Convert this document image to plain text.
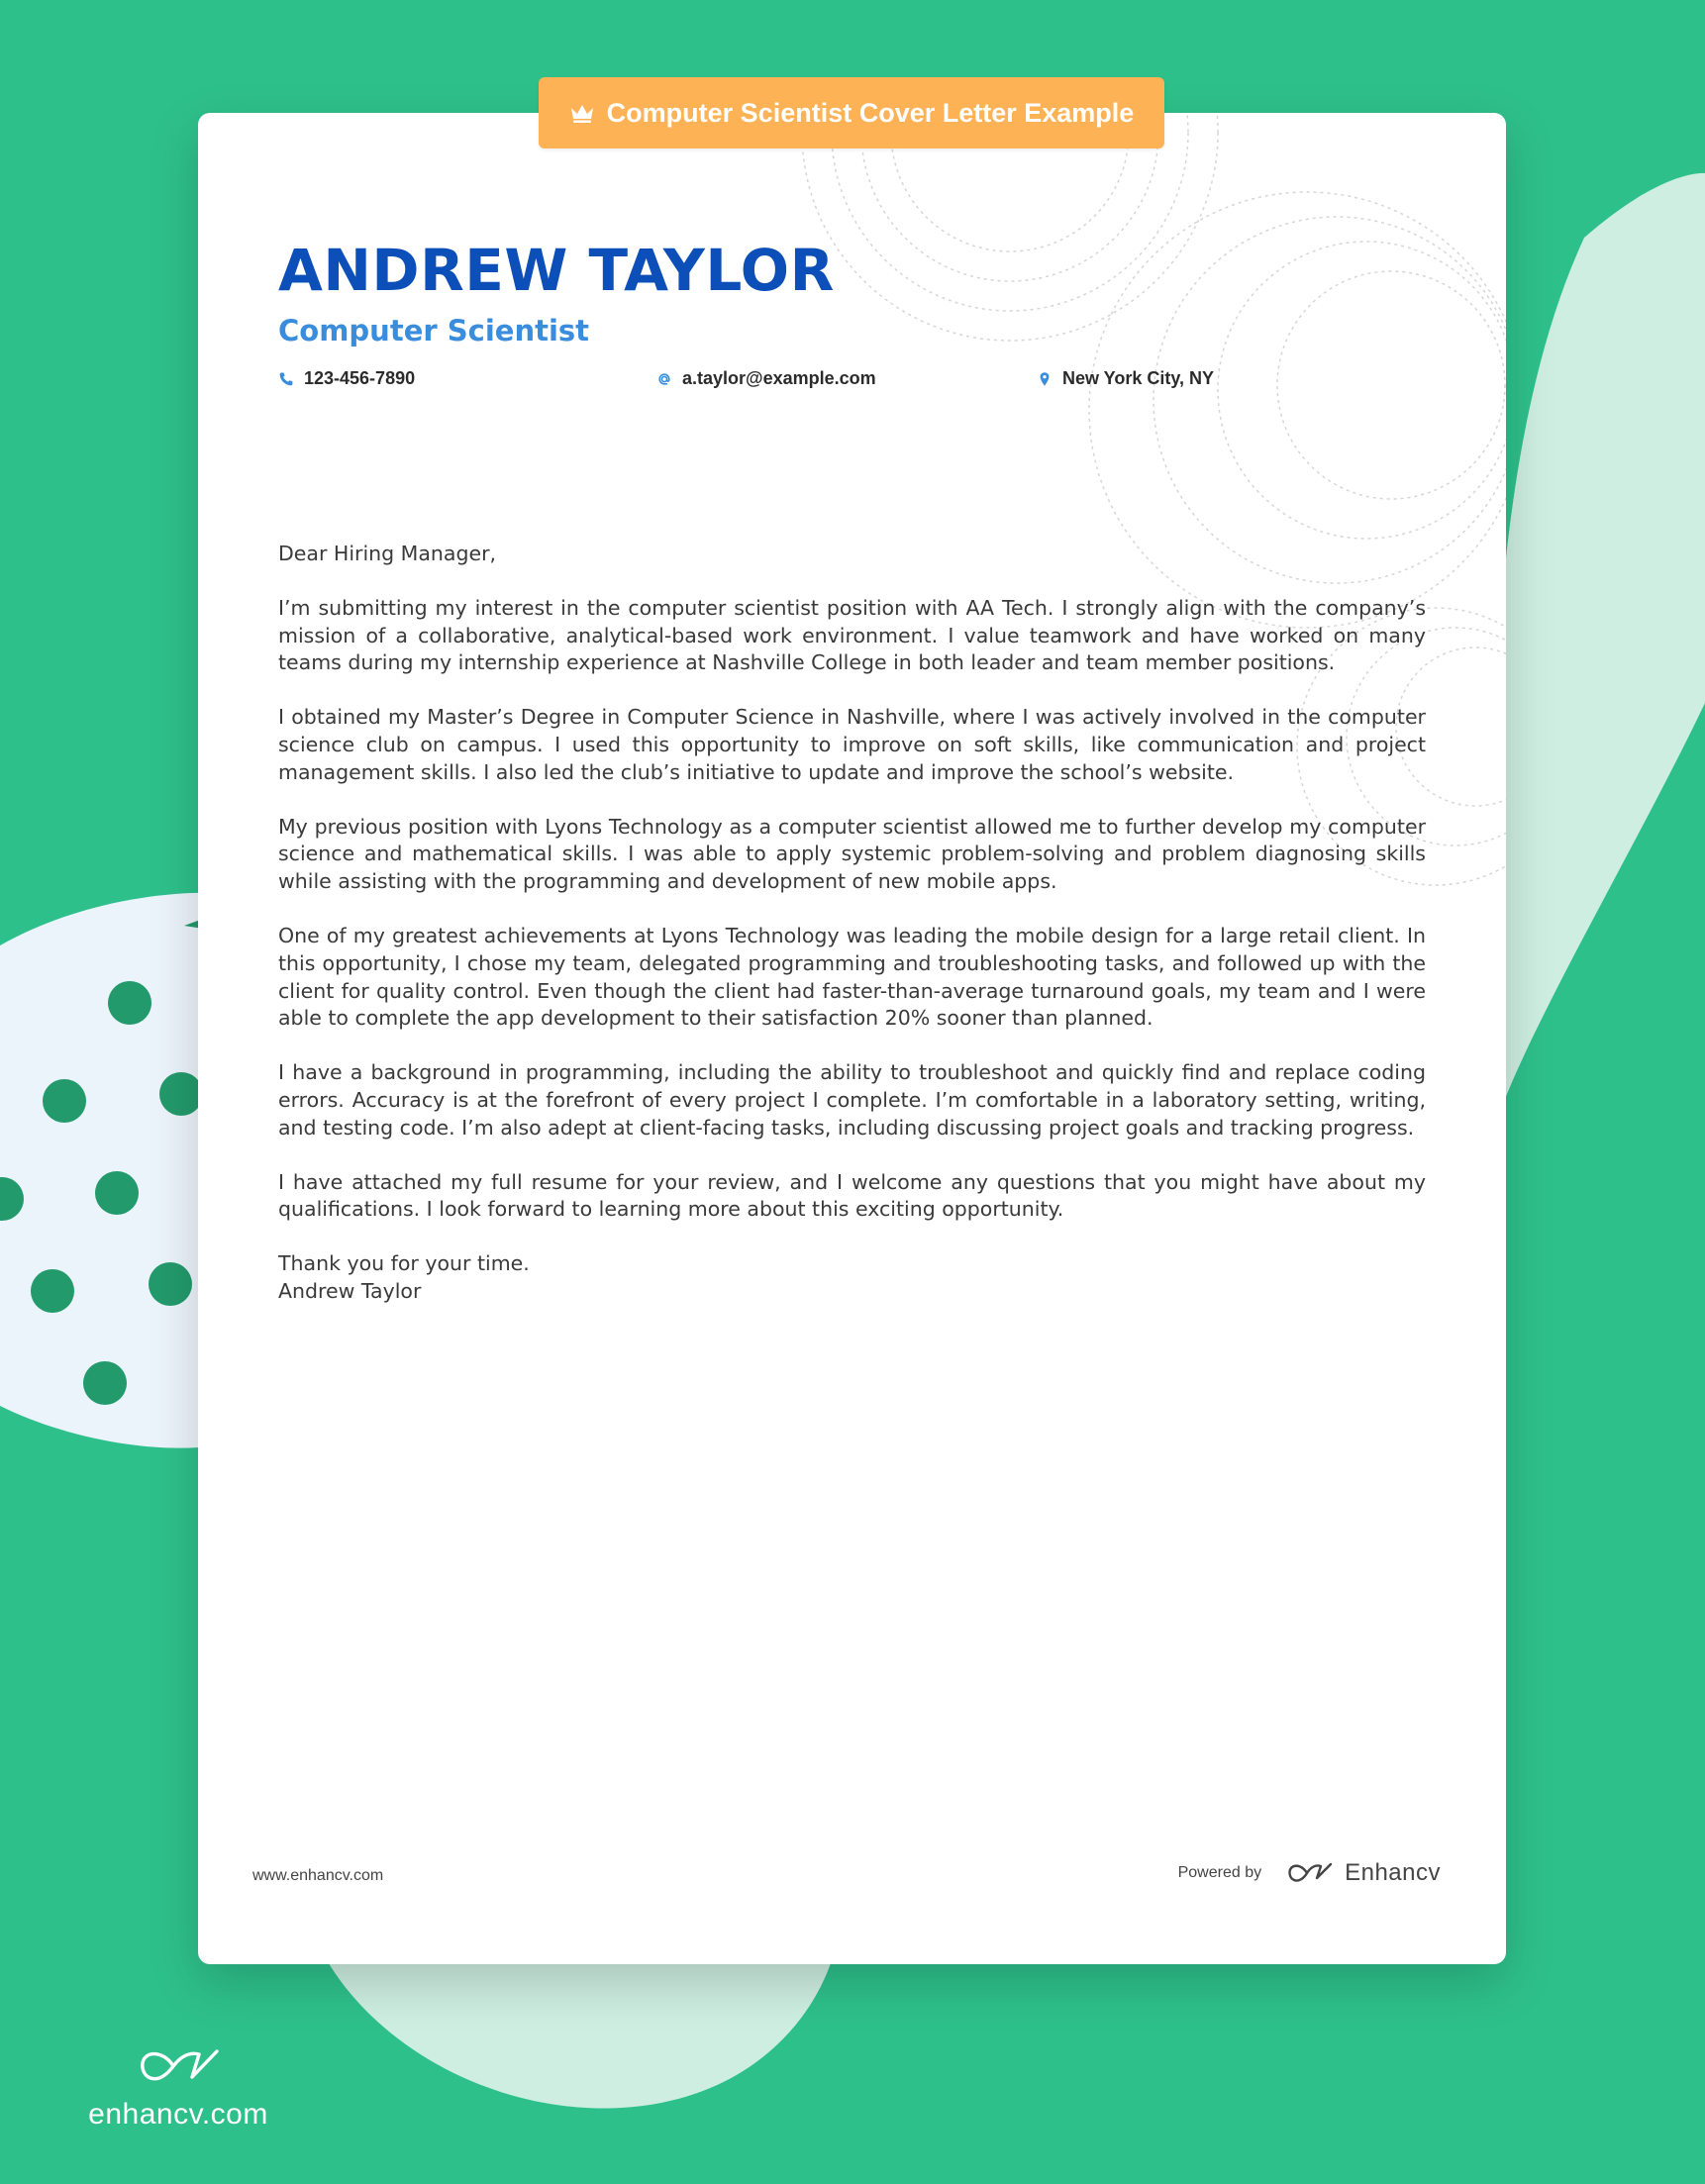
ANDREW TAYLOR
Computer Scientist
123-456-7890	a.taylor@example.com	New York City, NY

Dear Hiring Manager,

I’m submitting my interest in the computer scientist position with AA Tech. I strongly align with the company’s mission of a collaborative, analytical-based work environment. I value teamwork and have worked on many teams during my internship experience at Nashville College in both leader and team member positions.

I obtained my Master’s Degree in Computer Science in Nashville, where I was actively involved in the computer science club on campus. I used this opportunity to improve on soft skills, like communication and project management skills. I also led the club’s initiative to update and improve the school’s website.

My previous position with Lyons Technology as a computer scientist allowed me to further develop my computer science and mathematical skills. I was able to apply systemic problem-solving and problem diagnosing skills while assisting with the programming and development of new mobile apps.

One of my greatest achievements at Lyons Technology was leading the mobile design for a large retail client. In this opportunity, I chose my team, delegated programming and troubleshooting tasks, and followed up with the client for quality control. Even though the client had faster-than-average turnaround goals, my team and I were able to complete the app development to their satisfaction 20% sooner than planned.

I have a background in programming, including the ability to troubleshoot and quickly find and replace coding errors. Accuracy is at the forefront of every project I complete. I’m comfortable in a laboratory setting, writing, and testing code. I’m also adept at client-facing tasks, including discussing project goals and tracking progress.

I have attached my full resume for your review, and I welcome any questions that you might have about my qualifications. I look forward to learning more about this exciting opportunity.

Thank you for your time.

Andrew Taylor

www.enhancv.com	Powered by	Enhancv
Computer Scientist Cover Letter Example
enhancv.com
